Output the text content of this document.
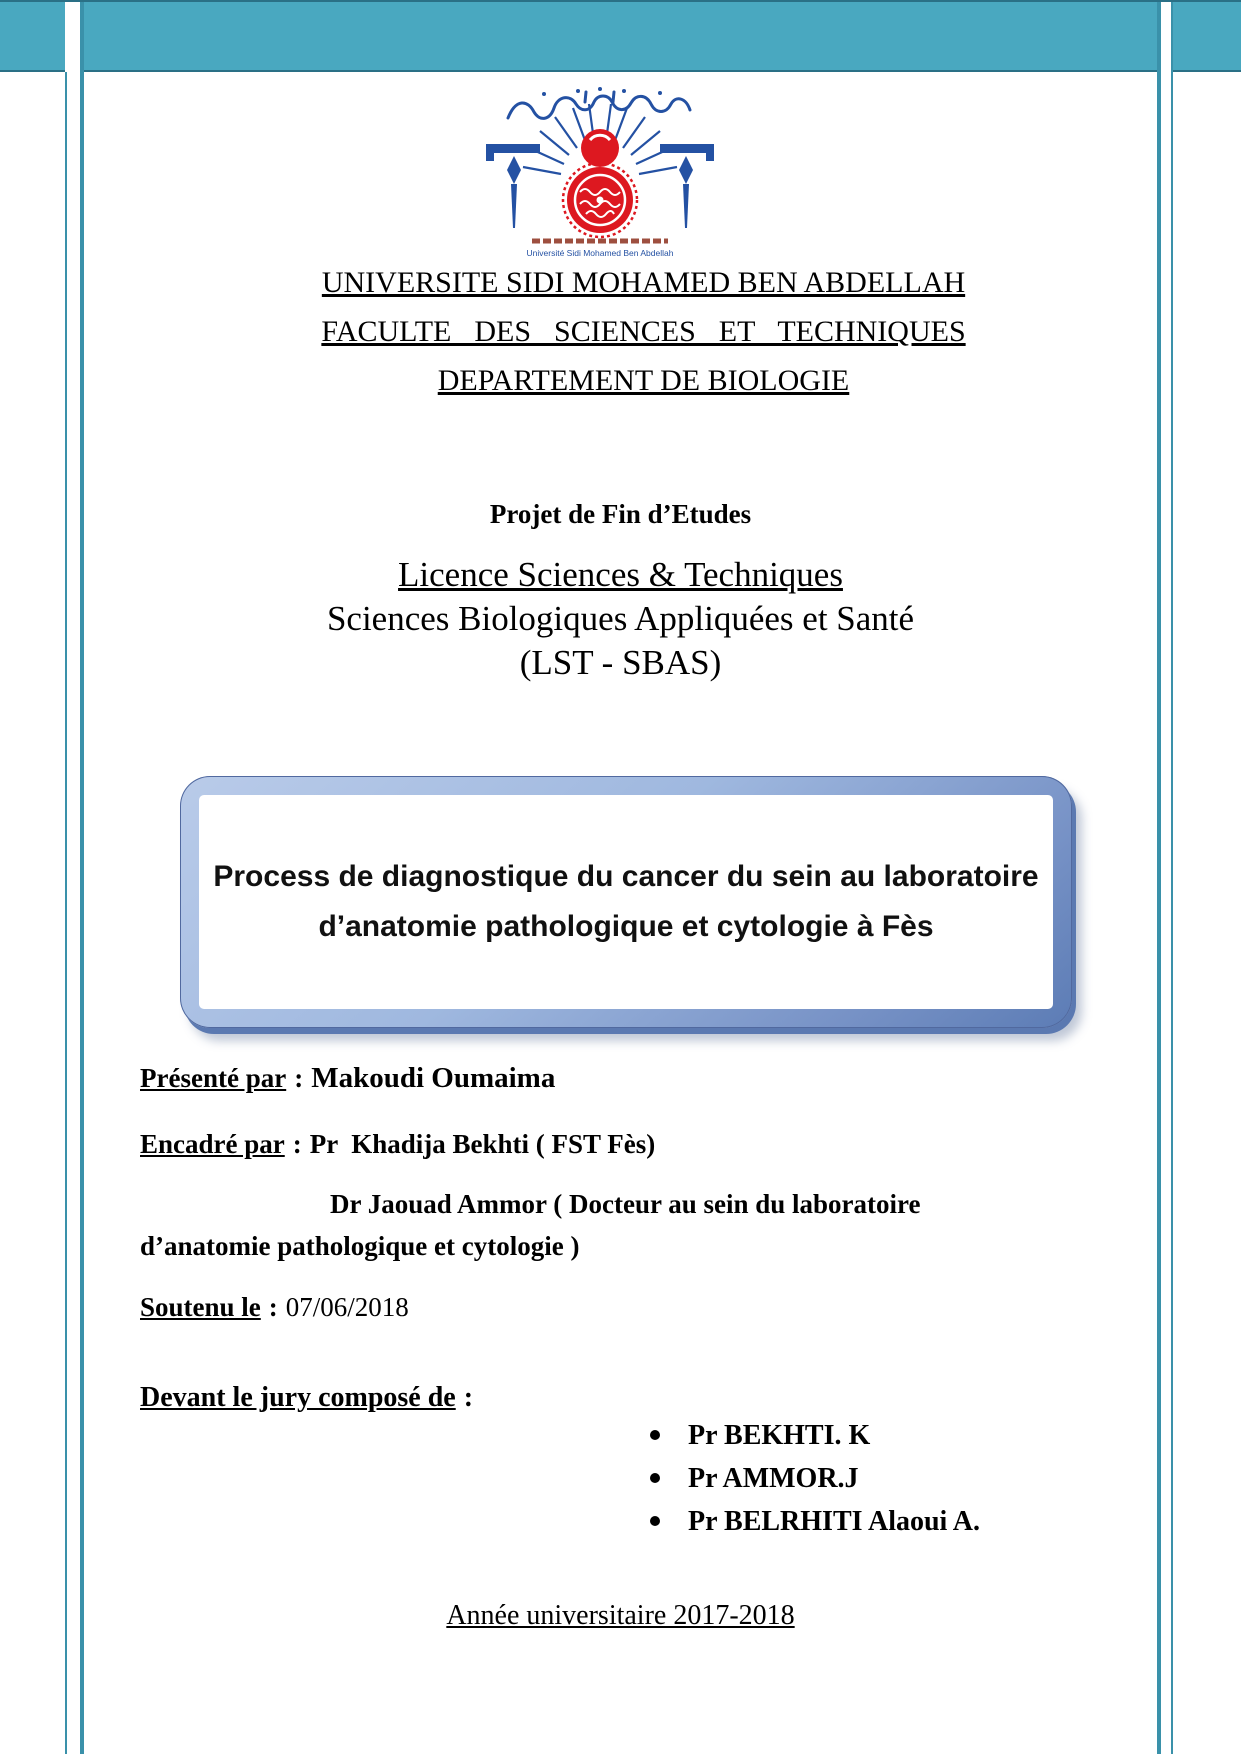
Université Sidi Mohamed Ben Abdellah
UNIVERSITE SIDI MOHAMED BEN ABDELLAH
FACULTE  DES  SCIENCES  ET  TECHNIQUES
DEPARTEMENT DE BIOLOGIE
Projet de Fin d’Etudes
Licence Sciences & Techniques
Sciences Biologiques Appliquées et Santé
(LST - SBAS)
Process de diagnostique du cancer du sein au laboratoire
d’anatomie pathologique et cytologie à Fès

Présenté par : Makoudi Oumaima

Encadré par : Pr  Khadija Bekhti ( FST Fès)

Dr Jaouad Ammor ( Docteur au sein du laboratoire

d’anatomie pathologique et cytologie )

Soutenu le : 07/06/2018

Devant le jury composé de :

Pr BEKHTI. K
Pr AMMOR.J
Pr BELRHITI Alaoui A.
Année universitaire 2017-2018
